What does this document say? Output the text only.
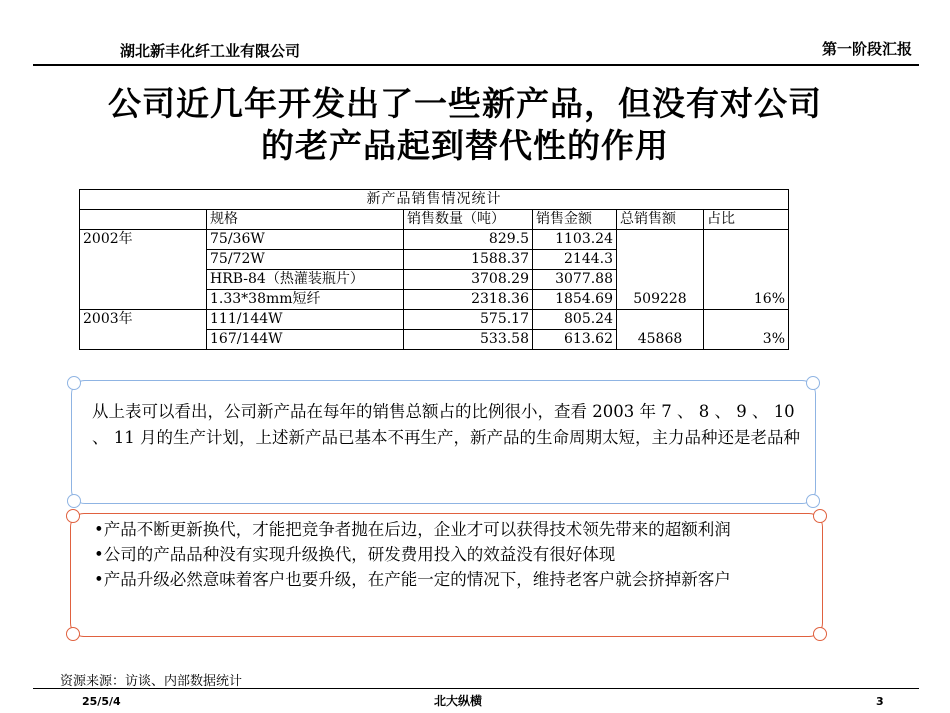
湖北新丰化纤工业有限公司	第一阶段汇报
公司近几年开发出了一些新产品，但没有对公司
的老产品起到替代性的作用
新产品销售情况统计					
	规格	销售数量（吨）	销售金额	总销售额	占比
2002年	75/36W	829.5	1103.24	509228	16%
	75/72W	1588.37	2144.3		
	HRB-84（热灌装瓶片）	3708.29	3077.88		
	1.33*38mm短纤	2318.36	1854.69		
2003年	111/144W	575.17	805.24	45868	3%
	167/144W	533.58	613.62		
从上表可以看出，公司新产品在每年的销售总额占的比例很小，查看 2003 年 7 、 8 、 9 、 10 、 11 月的生产计划，上述新产品已基本不再生产，新产品的生命周期太短，主力品种还是老品种
•产品不断更新换代，才能把竞争者抛在后边，企业才可以获得技术领先带来的超额利润
•公司的产品品种没有实现升级换代，研发费用投入的效益没有很好体现
•产品升级必然意味着客户也要升级，在产能一定的情况下，维持老客户就会挤掉新客户
资源来源：访谈、内部数据统计
25/5/4	北大纵横	3
